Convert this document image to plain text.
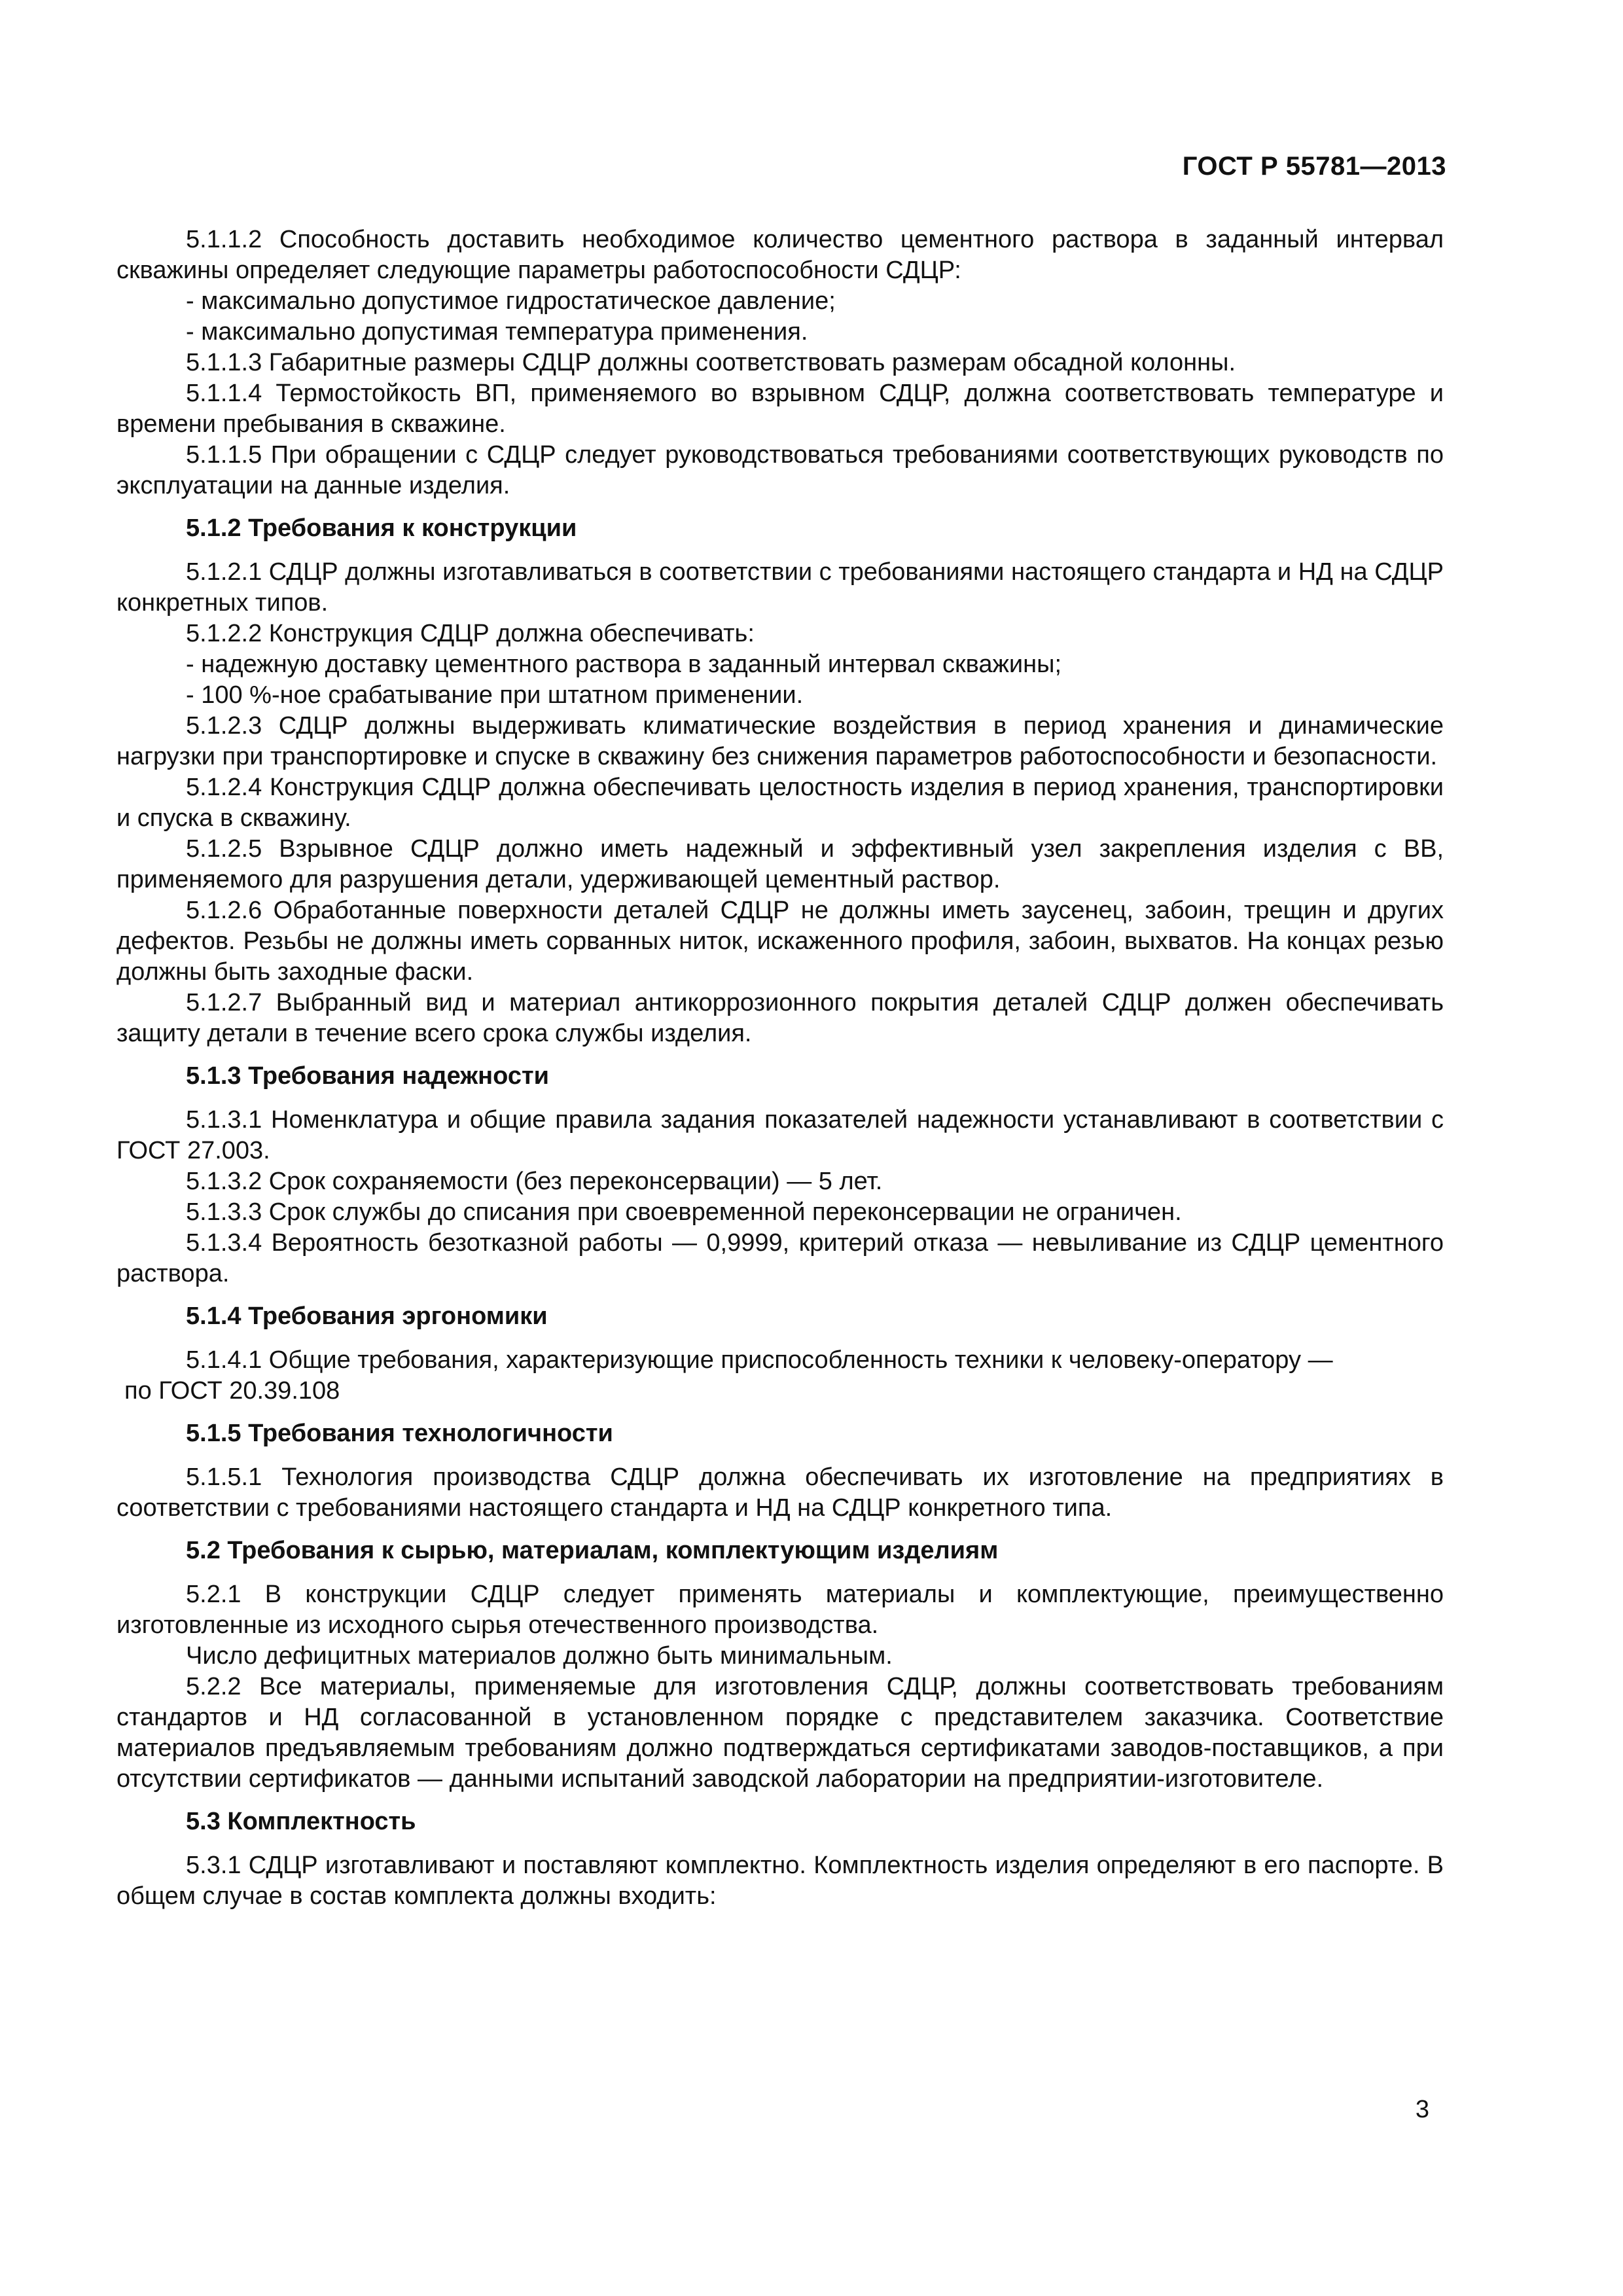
ГОСТ Р 55781—2013

5.1.1.2 Способность доставить необходимое количество цементного раствора в заданный интервал скважины определяет следующие параметры работоспособности СДЦР:

- максимально допустимое гидростатическое давление;

- максимально допустимая температура применения.

5.1.1.3 Габаритные размеры СДЦР должны соответствовать размерам обсадной колонны.

5.1.1.4 Термостойкость ВП, применяемого во взрывном СДЦР, должна соответствовать температуре и времени пребывания в скважине.

5.1.1.5 При обращении с СДЦР следует руководствоваться требованиями соответствующих руководств по эксплуатации на данные изделия.

5.1.2 Требования к конструкции

5.1.2.1 СДЦР должны изготавливаться в соответствии с требованиями настоящего стандарта и НД на СДЦР конкретных типов.

5.1.2.2 Конструкция СДЦР должна обеспечивать:

- надежную доставку цементного раствора в заданный интервал скважины;

- 100 %-ное срабатывание при штатном применении.

5.1.2.3 СДЦР должны выдерживать климатические воздействия в период хранения и динамические нагрузки при транспортировке и спуске в скважину без снижения параметров работоспособности и безопасности.

5.1.2.4 Конструкция СДЦР должна обеспечивать целостность изделия в период хранения, транспортировки и спуска в скважину.

5.1.2.5 Взрывное СДЦР должно иметь надежный и эффективный узел закрепления изделия с ВВ, применяемого для разрушения детали, удерживающей цементный раствор.

5.1.2.6 Обработанные поверхности деталей СДЦР не должны иметь заусенец, забоин, трещин и других дефектов. Резьбы не должны иметь сорванных ниток, искаженного профиля, забоин, выхватов. На концах резью должны быть заходные фаски.

5.1.2.7 Выбранный вид и материал антикоррозионного покрытия деталей СДЦР должен обеспечивать защиту детали в течение всего срока службы изделия.

5.1.3 Требования надежности

5.1.3.1 Номенклатура и общие правила задания показателей надежности устанавливают в соответствии с ГОСТ 27.003.

5.1.3.2 Срок сохраняемости (без переконсервации) — 5 лет.

5.1.3.3 Срок службы до списания при своевременной переконсервации не ограничен.

5.1.3.4 Вероятность безотказной работы — 0,9999, критерий отказа — невыливание из СДЦР цементного раствора.

5.1.4 Требования эргономики

5.1.4.1 Общие требования, характеризующие приспособленность техники к человеку-оператору —

по ГОСТ 20.39.108

5.1.5 Требования технологичности

5.1.5.1 Технология производства СДЦР должна обеспечивать их изготовление на предприятиях в соответствии с требованиями настоящего стандарта и НД на СДЦР конкретного типа.

5.2 Требования к сырью, материалам, комплектующим изделиям

5.2.1 В конструкции СДЦР следует применять материалы и комплектующие, преимущественно изготовленные из исходного сырья отечественного производства.

Число дефицитных материалов должно быть минимальным.

5.2.2 Все материалы, применяемые для изготовления СДЦР, должны соответствовать требованиям стандартов и НД согласованной в установленном порядке с представителем заказчика. Соответствие материалов предъявляемым требованиям должно подтверждаться сертификатами заводов-поставщиков, а при отсутствии сертификатов — данными испытаний заводской лаборатории на предприятии-изготовителе.

5.3 Комплектность

5.3.1 СДЦР изготавливают и поставляют комплектно. Комплектность изделия определяют в его паспорте. В общем случае в состав комплекта должны входить:

3
